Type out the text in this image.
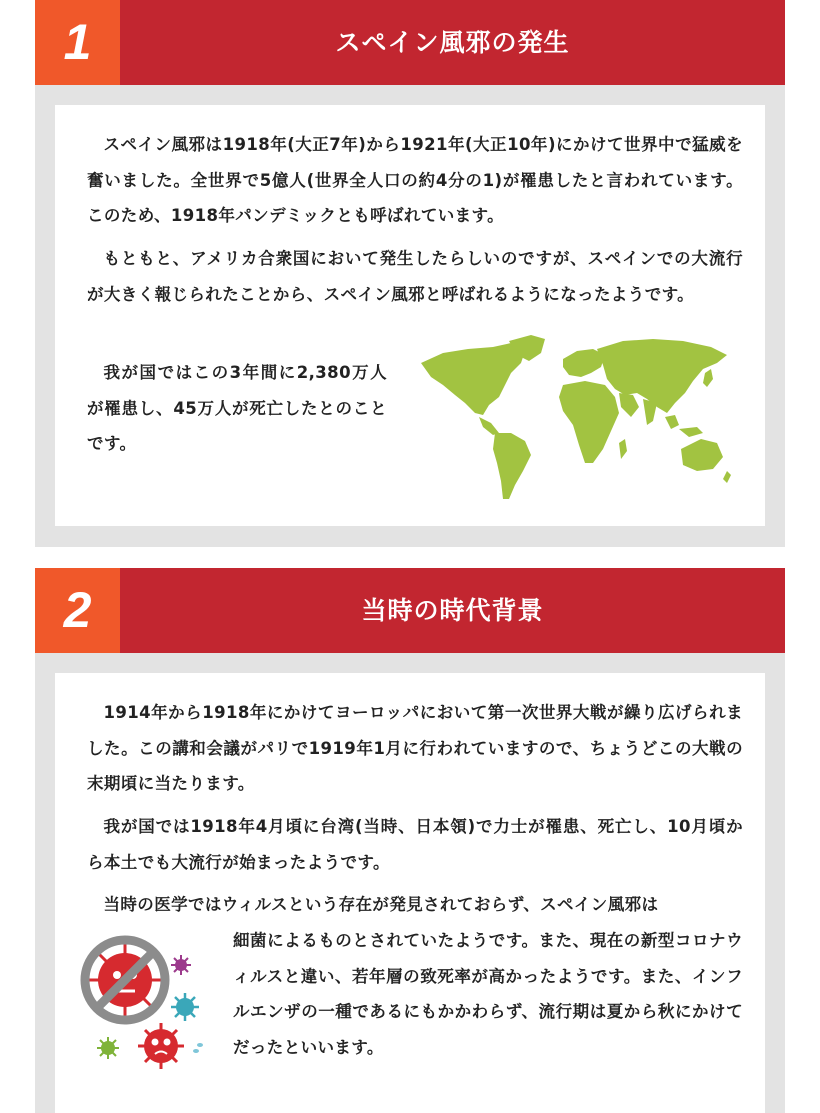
1	スペイン風邪の発生

スペイン風邪は1918年(大正7年)から1921年(大正10年)にかけて世界中で猛威を奮いました。全世界で5億人(世界全人口の約4分の1)が罹患したと言われています。このため、1918年パンデミックとも呼ばれています。

もともと、アメリカ合衆国において発生したらしいのですが、スペインでの大流行が大きく報じられたことから、スペイン風邪と呼ばれるようになったようです。

我が国ではこの3年間に2,380万人が罹患し、45万人が死亡したとのことです。

2	当時の時代背景

1914年から1918年にかけてヨーロッパにおいて第一次世界大戦が繰り広げられました。この講和会議がパリで1919年1月に行われていますので、ちょうどこの大戦の末期頃に当たります。

我が国では1918年4月頃に台湾(当時、日本領)で力士が罹患、死亡し、10月頃から本土でも大流行が始まったようです。

当時の医学ではウィルスという存在が発見されておらず、スペイン風邪は

細菌によるものとされていたようです。また、現在の新型コロナウィルスと違い、若年層の致死率が高かったようです。また、インフルエンザの一種であるにもかかわらず、流行期は夏から秋にかけてだったといいます。
